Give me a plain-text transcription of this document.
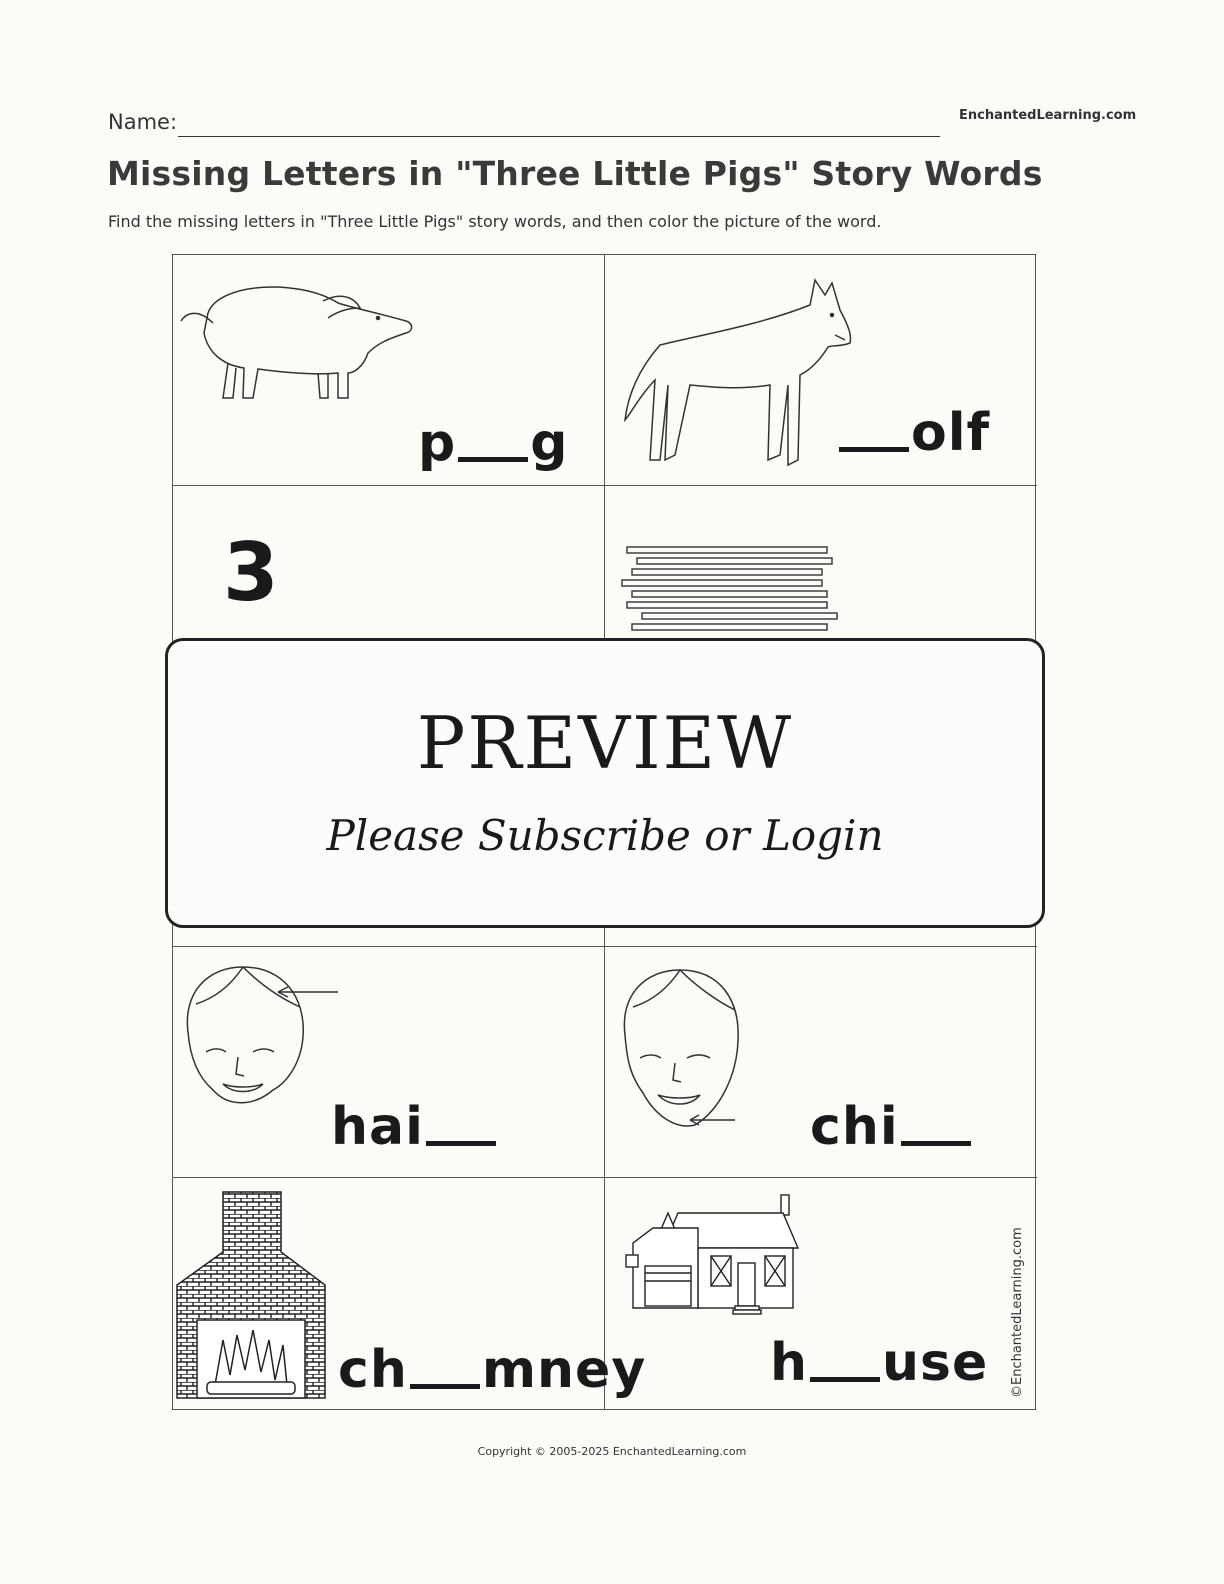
Name:	EnchantedLearning.com
Missing Letters in "Three Little Pigs" Story Words
Find the missing letters in "Three Little Pigs" story words, and then color the picture of the word.
p g	olf
3
hai	chi
ch mney h use
PREVIEW
Please Subscribe or Login
©EnchantedLearning.com
Copyright © 2005-2025 EnchantedLearning.com
